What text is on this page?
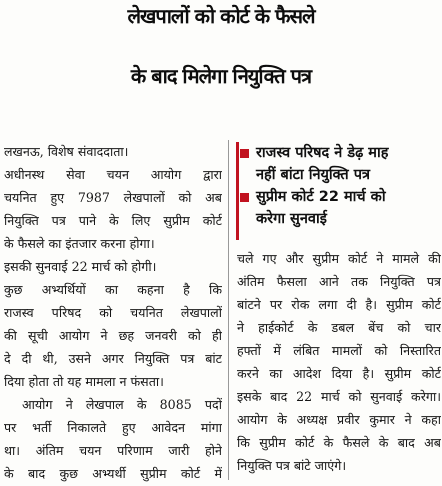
लेखपालों को कोर्ट के फैसले
के बाद मिलेगा नियुक्ति पत्र

लखनऊ, विशेष संवाददाता।

अधीनस्थ सेवा चयन आयोग द्वारा

चयनित हुए 7987 लेखपालों को अब

नियुक्ति पत्र पाने के लिए सुप्रीम कोर्ट

के फैसले का इंतजार करना होगा।

इसकी सुनवाई 22 मार्च को होगी।

कुछ अभ्यर्थियों का कहना है कि

राजस्व परिषद को चयनित लेखपालों

की सूची आयोग ने छह जनवरी को ही

दे दी थी, उसने अगर नियुक्ति पत्र बांट

दिया होता तो यह मामला न फंसता।

आयोग ने लेखपाल के 8085 पदों

पर भर्ती निकालते हुए आवेदन मांगा

था। अंतिम चयन परिणाम जारी होने

के बाद कुछ अभ्यर्थी सुप्रीम कोर्ट में

राजस्व परिषद ने डेढ़ माह
नहीं बांटा नियुक्ति पत्र
सुप्रीम कोर्ट 22 मार्च को
करेगा सुनवाई

चले गए और सुप्रीम कोर्ट ने मामले की

अंतिम फैसला आने तक नियुक्ति पत्र

बांटने पर रोक लगा दी है। सुप्रीम कोर्ट

ने हाईकोर्ट के डबल बेंच को चार

हफ्तों में लंबित मामलों को निस्तारित

करने का आदेश दिया है। सुप्रीम कोर्ट

इसके बाद 22 मार्च को सुनवाई करेगा।

आयोग के अध्यक्ष प्रवीर कुमार ने कहा

कि सुप्रीम कोर्ट के फैसले के बाद अब

नियुक्ति पत्र बांटे जाएंगे।
